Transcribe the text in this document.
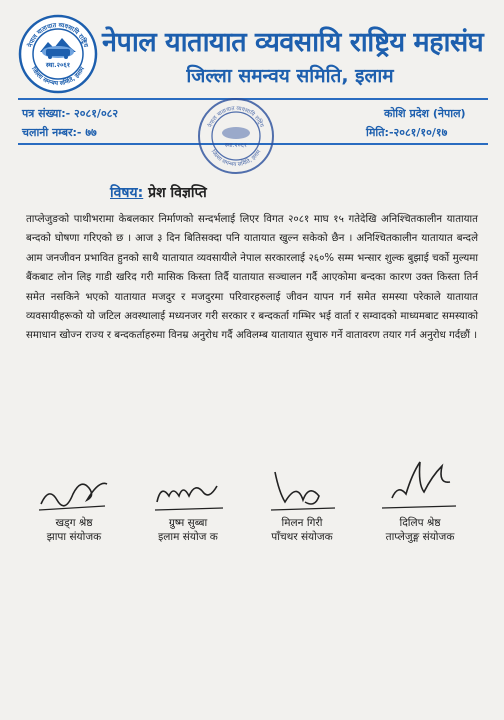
नेपाल यातायात व्यवसायि राष्ट्रिय
जिल्ला समन्वय समिति, इलाम
स्था.२०६१
नेपाल यातायात व्यवसायि राष्ट्रिय महासंघ
जिल्ला समन्वय समिति, इलाम
पत्र संख्या:- २०८१/०८२
चलानी नम्बर:- ७७
कोशि प्रदेश (नेपाल)
मिति:-२०८१/१०/१७
नेपाल यातायात व्यवसायि राष्ट्रिय
जिल्ला समन्वय समिति, इलाम
स्था.२०६१
विषय: प्रेश विज्ञप्ति
ताप्लेजुङको पाथीभरामा केबलकार निर्माणको सन्दर्भलाई लिएर विगत २०८१ माघ १५ गतेदेखि अनिश्चितकालीन यातायात बन्दको घोषणा गरिएको छ । आज ३ दिन बितिसक्दा पनि यातायात खुल्न सकेको छैन । अनिश्चितकालीन यातायात बन्दले आम जनजीवन प्रभावित हुनको साथै यातायात व्यवसायीले नेपाल सरकारलाई २६०% सम्म भन्सार शुल्क बुझाई चर्को मुल्यमा बैंकबाट लोन लिइ गाडी खरिद गरी मासिक किस्ता तिर्दै यातायात सञ्चालन गर्दै आएकोमा बन्दका कारण उक्त किस्ता तिर्न समेत नसकिने भएको यातायात मजदुर र मजदुरमा परिवारहरुलाई जीवन यापन गर्न समेत समस्या परेकाले यातायात व्यवसायीहरूको यो जटिल अवस्थालाई मध्यनजर गरी सरकार र बन्दकर्ता गम्भिर भई वार्ता र सम्वादको माध्यमबाट समस्याको समाधान खोज्न राज्य र बन्दकर्ताहरुमा विनम्र अनुरोध गर्दै अविलम्ब यातायात सुचारु गर्ने वातावरण तयार गर्न अनुरोध गर्दछौं ।
खड्ग श्रेष्ठ
झापा संयोजक
ग्रुष्म सुब्बा
इलाम संयोज क
मिलन गिरी
पाँचथर संयोजक
दिलिप श्रेष्ठ
ताप्लेजुङ्ग संयोजक
